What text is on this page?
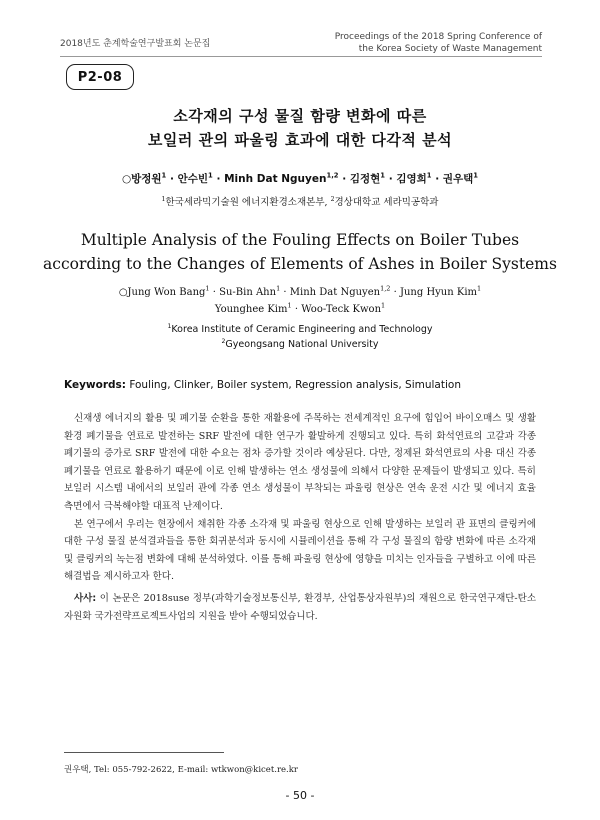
2018년도 춘계학술연구발표회 논문집
Proceedings of the 2018 Spring Conference of
the Korea Society of Waste Management
P2-08
소각재의 구성 물질 함량 변화에 따른
보일러 관의 파울링 효과에 대한 다각적 분석
○방정원$^1$ · 안수빈$^1$ · Minh Dat Nguyen$^{1,2}$ · 김정현$^1$ · 김영희$^1$ · 권우택$^1$
$^1$한국세라믹기술원 에너지환경소재본부, $^2$경상대학교 세라믹공학과
Multiple Analysis of the Fouling Effects on Boiler Tubes
according to the Changes of Elements of Ashes in Boiler Systems
○Jung Won Bang$^1$ · Su-Bin Ahn$^1$ · Minh Dat Nguyen$^{1,2}$ · Jung Hyun Kim$^1$
Younghee Kim$^1$ · Woo-Teck Kwon$^1$
$^1$Korea Institute of Ceramic Engineering and Technology
$^2$Gyeongsang National University
Keywords: Fouling, Clinker, Boiler system, Regression analysis, Simulation

신재생 에너지의 활용 및 폐기물 순환을 통한 재활용에 주목하는 전세계적인 요구에 힘입어 바이오매스 및 생활환경 폐기물을 연료로 발전하는 SRF 발전에 대한 연구가 활발하게 진행되고 있다. 특히 화석연료의 고갈과 각종 폐기물의 증가로 SRF 발전에 대한 수요는 점차 증가할 것이라 예상된다. 다만, 정제된 화석연료의 사용 대신 각종 폐기물을 연료로 활용하기 때문에 이로 인해 발생하는 연소 생성물에 의해서 다양한 문제들이 발생되고 있다. 특히 보일러 시스템 내에서의 보일러 관에 각종 연소 생성물이 부착되는 파울링 현상은 연속 운전 시간 및 에너지 효율 측면에서 극복해야할 대표적 난제이다.

본 연구에서 우리는 현장에서 채취한 각종 소각재 및 파울링 현상으로 인해 발생하는 보일러 관 표면의 클링커에 대한 구성 물질 분석결과들을 통한 회귀분석과 동시에 시뮬레이션을 통해 각 구성 물질의 함량 변화에 따른 소각재 및 클링커의 녹는점 변화에 대해 분석하였다. 이를 통해 파울링 현상에 영향을 미치는 인자들을 구별하고 이에 따른 해결법을 제시하고자 한다.

사사: 이 논문은 2018suse 정부(과학기술정보통신부, 환경부, 산업통상자원부)의 재원으로 한국연구재단-탄소자원화 국가전략프로젝트사업의 지원을 받아 수행되었습니다.
권우택, Tel: 055-792-2622, E-mail: wtkwon@kicet.re.kr
- 50 -
